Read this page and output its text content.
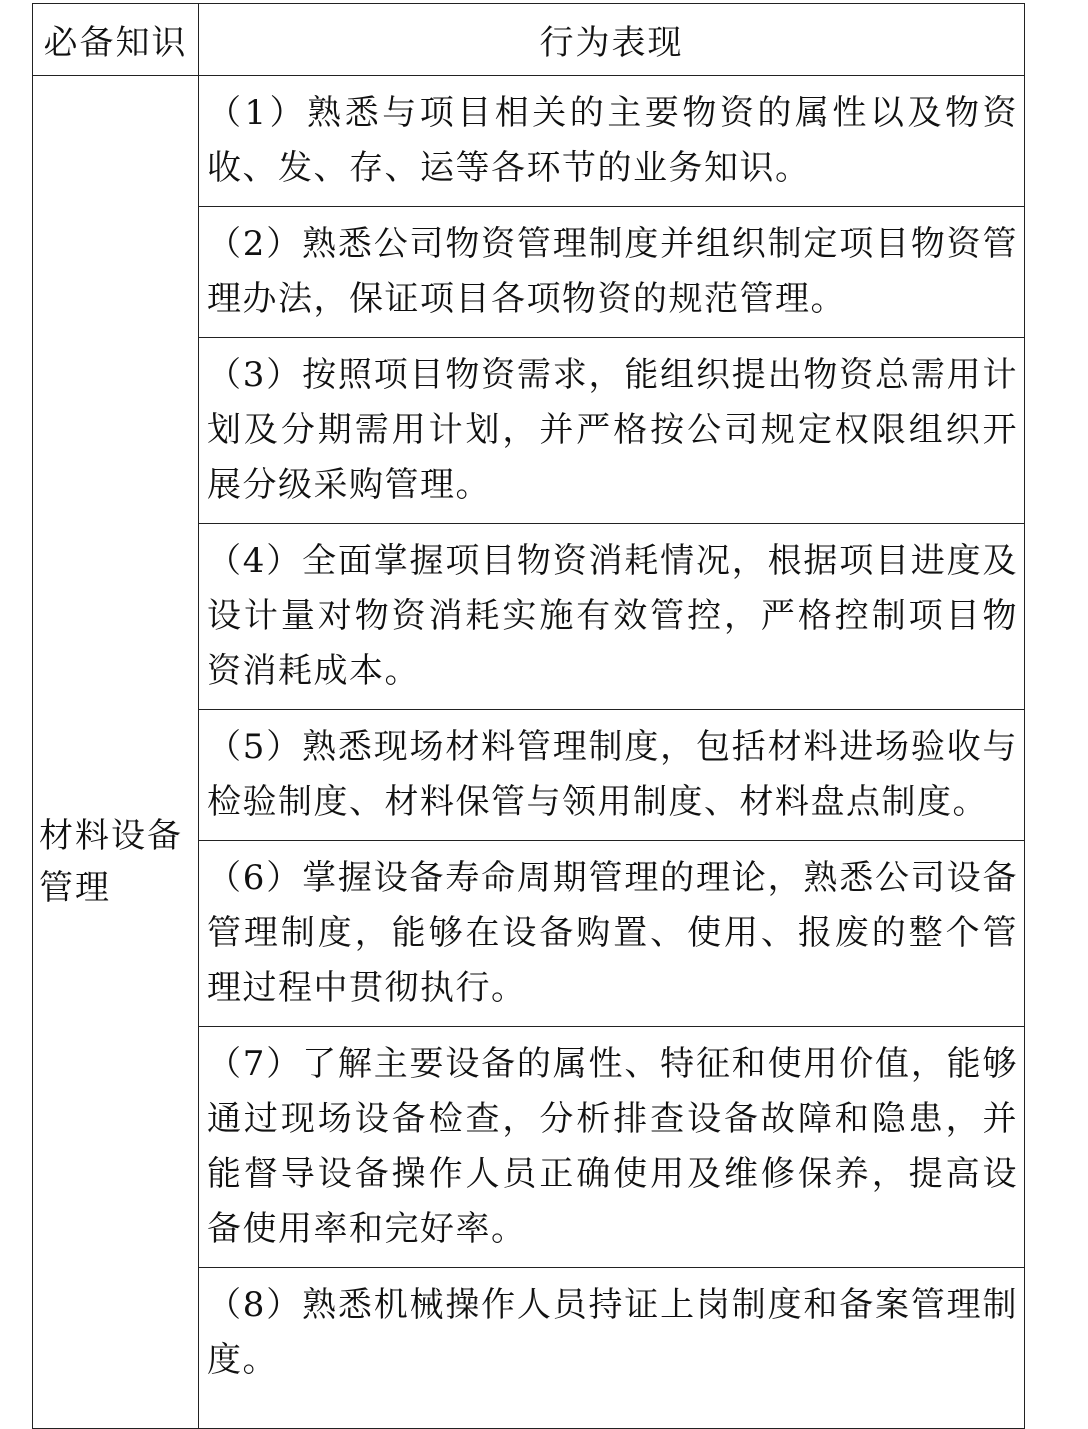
必备知识	行为表现

材料设备管理	（1）熟悉与项目相关的主要物资的属性以及物资收、发、存、运等各环节的业务知识。
	（2）熟悉公司物资管理制度并组织制定项目物资管理办法，保证项目各项物资的规范管理。
	（3）按照项目物资需求，能组织提出物资总需用计划及分期需用计划，并严格按公司规定权限组织开展分级采购管理。
	（4）全面掌握项目物资消耗情况，根据项目进度及设计量对物资消耗实施有效管控，严格控制项目物资消耗成本。
	（5）熟悉现场材料管理制度，包括材料进场验收与检验制度、材料保管与领用制度、材料盘点制度。
	（6）掌握设备寿命周期管理的理论，熟悉公司设备管理制度，能够在设备购置、使用、报废的整个管理过程中贯彻执行。
	（7）了解主要设备的属性、特征和使用价值，能够通过现场设备检查，分析排查设备故障和隐患，并能督导设备操作人员正确使用及维修保养，提高设备使用率和完好率。
	（8）熟悉机械操作人员持证上岗制度和备案管理制度。
